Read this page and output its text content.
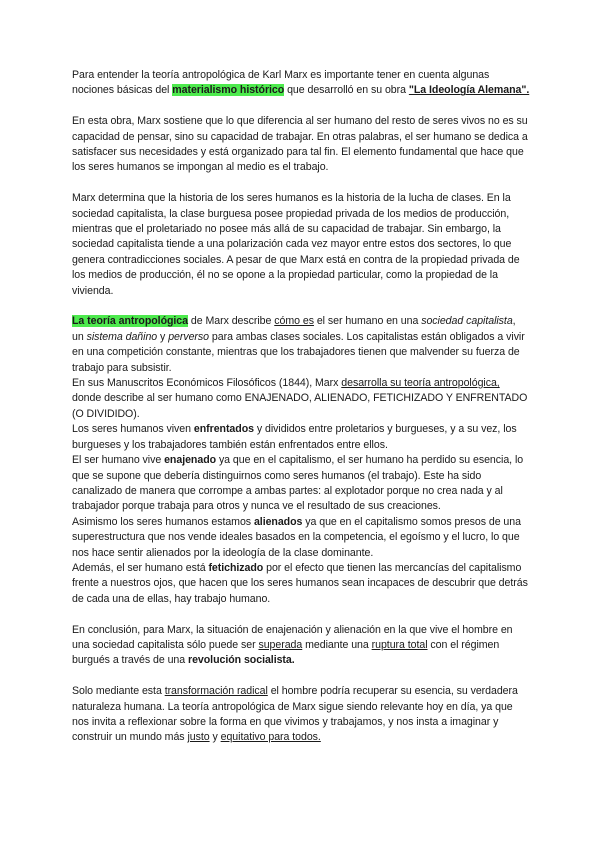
Para entender la teoría antropológica de Karl Marx es importante tener en cuenta algunas nociones básicas del materialismo histórico que desarrolló en su obra "La Ideología Alemana".

En esta obra, Marx sostiene que lo que diferencia al ser humano del resto de seres vivos no es su capacidad de pensar, sino su capacidad de trabajar. En otras palabras, el ser humano se dedica a satisfacer sus necesidades y está organizado para tal fin. El elemento fundamental que hace que los seres humanos se impongan al medio es el trabajo.

Marx determina que la historia de los seres humanos es la historia de la lucha de clases. En la sociedad capitalista, la clase burguesa posee propiedad privada de los medios de producción, mientras que el proletariado no posee más allá de su capacidad de trabajar. Sin embargo, la sociedad capitalista tiende a una polarización cada vez mayor entre estos dos sectores, lo que genera contradicciones sociales. A pesar de que Marx está en contra de la propiedad privada de los medios de producción, él no se opone a la propiedad particular, como la propiedad de la vivienda.

La teoría antropológica de Marx describe cómo es el ser humano en una sociedad capitalista, un sistema dañino y perverso para ambas clases sociales. Los capitalistas están obligados a vivir en una competición constante, mientras que los trabajadores tienen que malvender su fuerza de trabajo para subsistir.

En sus Manuscritos Económicos Filosóficos (1844), Marx desarrolla su teoría antropológica, donde describe al ser humano como ENAJENADO, ALIENADO, FETICHIZADO Y ENFRENTADO (O DIVIDIDO).

Los seres humanos viven enfrentados y divididos entre proletarios y burgueses, y a su vez, los burgueses y los trabajadores también están enfrentados entre ellos.

El ser humano vive enajenado ya que en el capitalismo, el ser humano ha perdido su esencia, lo que se supone que debería distinguirnos como seres humanos (el trabajo). Este ha sido canalizado de manera que corrompe a ambas partes: al explotador porque no crea nada y al trabajador porque trabaja para otros y nunca ve el resultado de sus creaciones.

Asimismo los seres humanos estamos alienados ya que en el capitalismo somos presos de una superestructura que nos vende ideales basados en la competencia, el egoísmo y el lucro, lo que nos hace sentir alienados por la ideología de la clase dominante.

Además, el ser humano está fetichizado por el efecto que tienen las mercancías del capitalismo frente a nuestros ojos, que hacen que los seres humanos sean incapaces de descubrir que detrás de cada una de ellas, hay trabajo humano.

En conclusión, para Marx, la situación de enajenación y alienación en la que vive el hombre en una sociedad capitalista sólo puede ser superada mediante una ruptura total con el régimen burgués a través de una revolución socialista.

Solo mediante esta transformación radical el hombre podría recuperar su esencia, su verdadera naturaleza humana. La teoría antropológica de Marx sigue siendo relevante hoy en día, ya que nos invita a reflexionar sobre la forma en que vivimos y trabajamos, y nos insta a imaginar y construir un mundo más justo y equitativo para todos.
